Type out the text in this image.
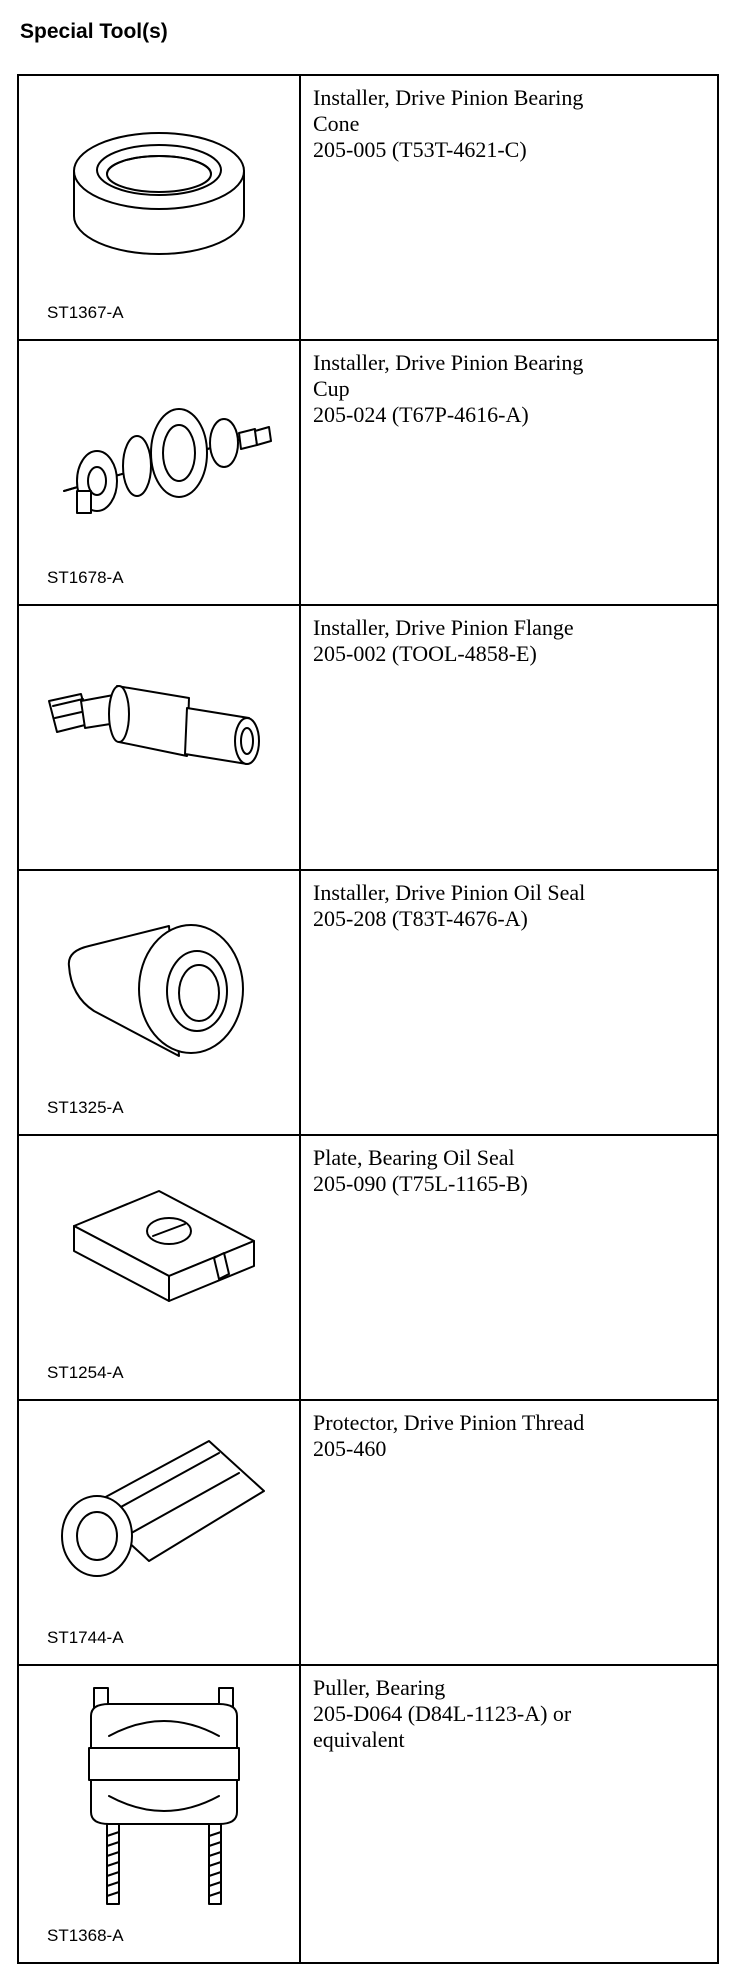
Special Tool(s)
ST1367-A	Installer, Drive Pinion Bearing
Cone
205-005 (T53T-4621-C)

ST1678-A	Installer, Drive Pinion Bearing
Cup
205-024 (T67P-4616-A)

Installer, Drive Pinion Flange
205-002 (TOOL-4858-E)

ST1325-A	Installer, Drive Pinion Oil Seal
205-208 (T83T-4676-A)

ST1254-A	Plate, Bearing Oil Seal
205-090 (T75L-1165-B)

ST1744-A	Protector, Drive Pinion Thread
205-460

ST1368-A	Puller, Bearing
205-D064 (D84L-1123-A) or
equivalent
